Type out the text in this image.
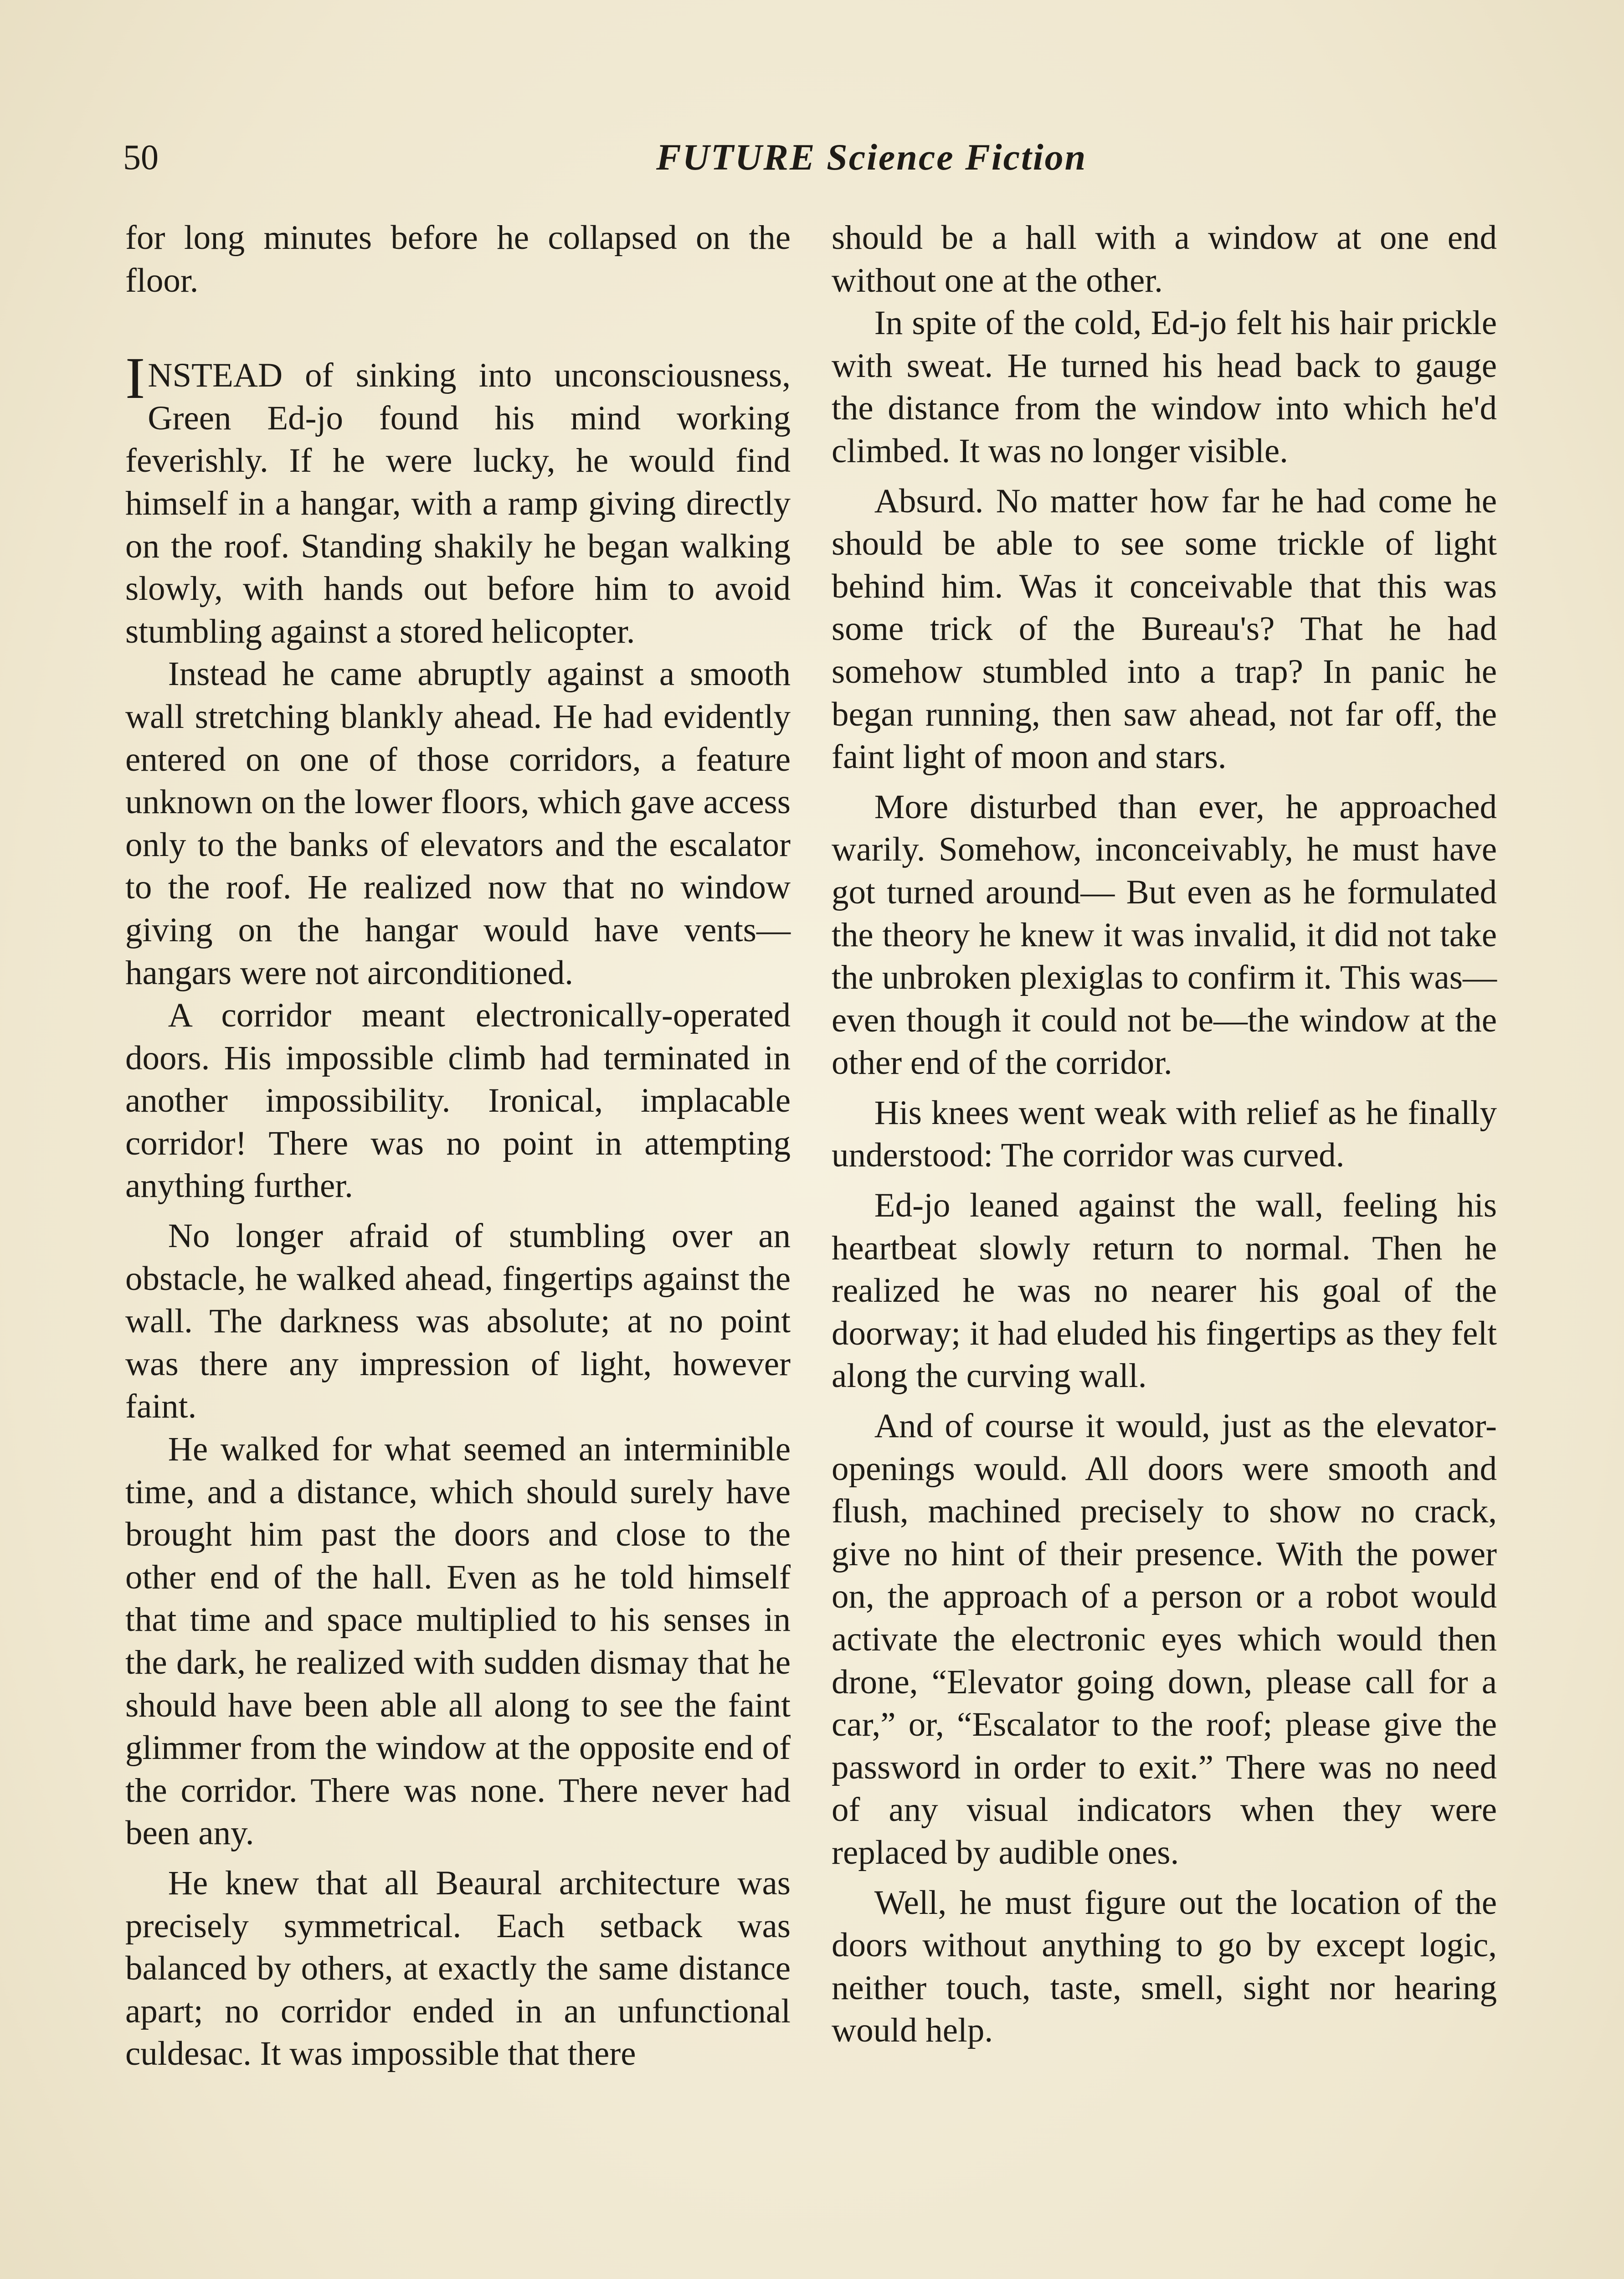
50	FUTURE Science Fiction

for long minutes before he collapsed on the floor.

INSTEAD of sinking into unconsciousness, Green Ed-jo found his mind working feverishly. If he were lucky, he would find himself in a hangar, with a ramp giving directly on the roof. Standing shakily he began walking slowly, with hands out before him to avoid stumbling against a stored helicopter.

Instead he came abruptly against a smooth wall stretching blankly ahead. He had evidently entered on one of those corridors, a feature unknown on the lower floors, which gave access only to the banks of elevators and the escalator to the roof. He realized now that no window giving on the hangar would have vents—hangars were not airconditioned.

A corridor meant electronically-operated doors. His impossible climb had terminated in another impossibility. Ironical, implacable corridor! There was no point in attempting anything further.

No longer afraid of stumbling over an obstacle, he walked ahead, fingertips against the wall. The darkness was absolute; at no point was there any impression of light, however faint.

He walked for what seemed an interminible time, and a distance, which should surely have brought him past the doors and close to the other end of the hall. Even as he told himself that time and space multiplied to his senses in the dark, he realized with sudden dismay that he should have been able all along to see the faint glimmer from the window at the opposite end of the corridor. There was none. There never had been any.

He knew that all Beaural architecture was precisely symmetrical. Each setback was balanced by others, at exactly the same distance apart; no corridor ended in an unfunctional culdesac. It was impossible that there

should be a hall with a window at one end without one at the other.

In spite of the cold, Ed-jo felt his hair prickle with sweat. He turned his head back to gauge the distance from the window into which he'd climbed. It was no longer visible.

Absurd. No matter how far he had come he should be able to see some trickle of light behind him. Was it conceivable that this was some trick of the Bureau's? That he had somehow stumbled into a trap? In panic he began running, then saw ahead, not far off, the faint light of moon and stars.

More disturbed than ever, he approached warily. Somehow, inconceivably, he must have got turned around— But even as he formulated the theory he knew it was invalid, it did not take the unbroken plexiglas to confirm it. This was—even though it could not be—the window at the other end of the corridor.

His knees went weak with relief as he finally understood: The corridor was curved.

Ed-jo leaned against the wall, feeling his heartbeat slowly return to normal. Then he realized he was no nearer his goal of the doorway; it had eluded his fingertips as they felt along the curving wall.

And of course it would, just as the elevator-openings would. All doors were smooth and flush, machined precisely to show no crack, give no hint of their presence. With the power on, the approach of a person or a robot would activate the electronic eyes which would then drone, “Elevator going down, please call for a car,” or, “Escalator to the roof; please give the password in order to exit.” There was no need of any visual indicators when they were replaced by audible ones.

Well, he must figure out the location of the doors without anything to go by except logic, neither touch, taste, smell, sight nor hearing would help.
